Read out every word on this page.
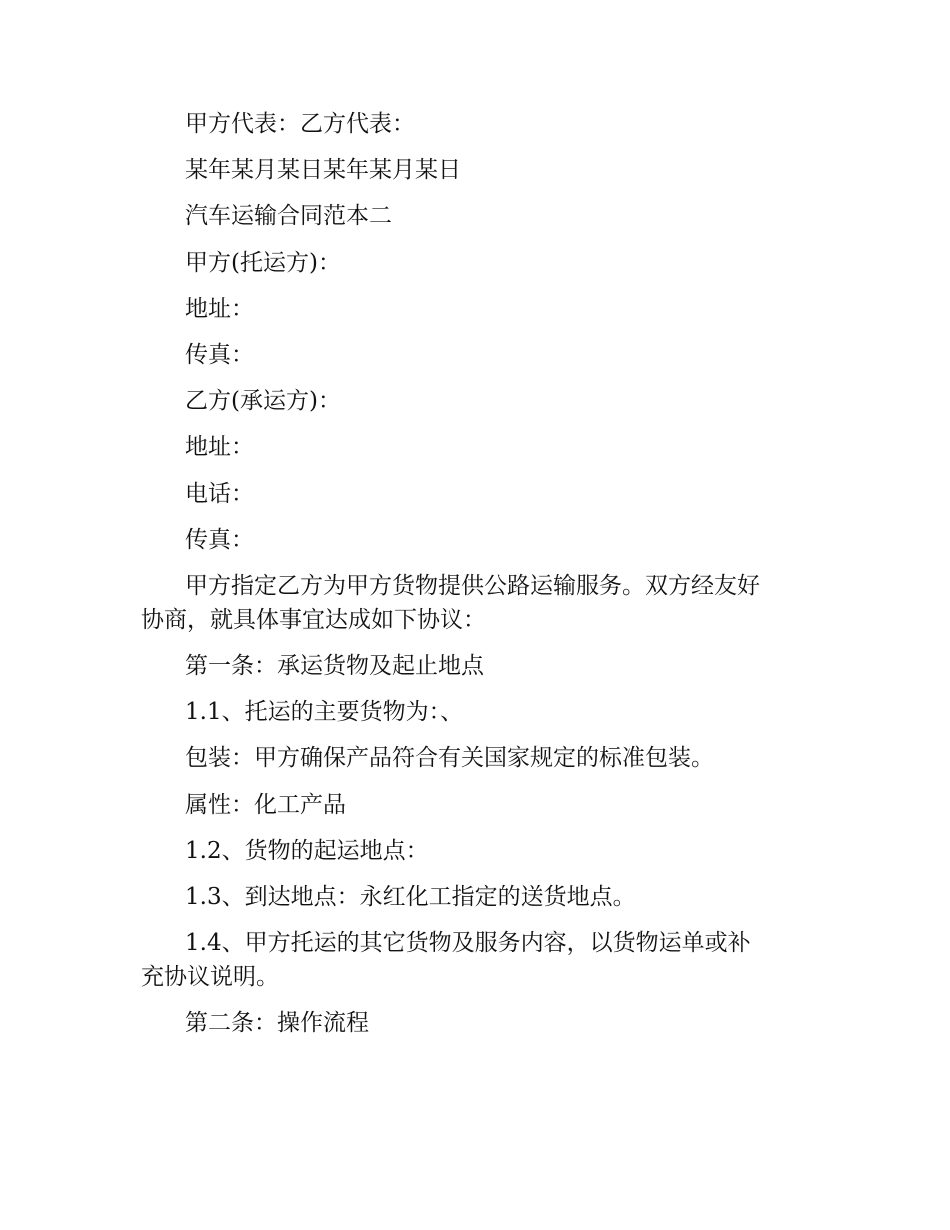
甲方代表：乙方代表：

某年某月某日某年某月某日

汽车运输合同范本二

甲方(托运方)：

地址：

传真：

乙方(承运方)：

地址：

电话：

传真：

甲方指定乙方为甲方货物提供公路运输服务。双方经友好
协商，就具体事宜达成如下协议：

第一条：承运货物及起止地点

1.1、托运的主要货物为：、

包装：甲方确保产品符合有关国家规定的标准包装。

属性：化工产品

1.2、货物的起运地点：

1.3、到达地点：永红化工指定的送货地点。

1.4、甲方托运的其它货物及服务内容，以货物运单或补
充协议说明。

第二条：操作流程
